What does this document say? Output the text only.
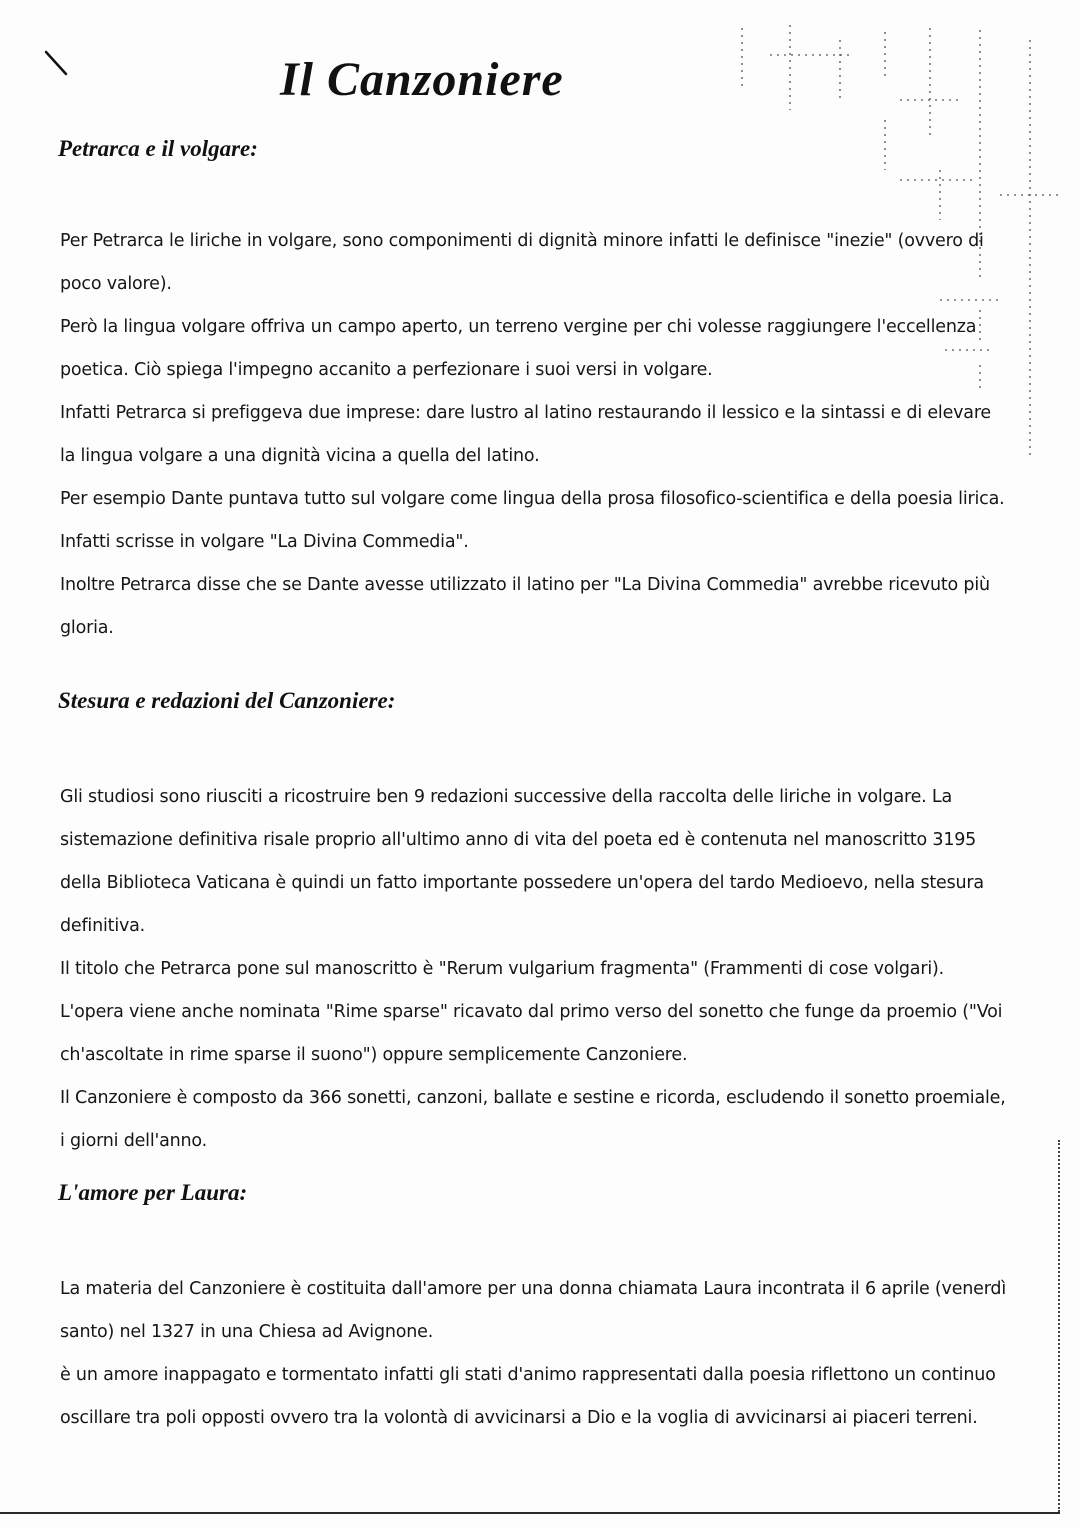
Il Canzoniere
Petrarca e il volgare:

Per Petrarca le liriche in volgare, sono componimenti di dignità minore infatti le definisce "inezie" (ovvero di poco valore).

Però la lingua volgare offriva un campo aperto, un terreno vergine per chi volesse raggiungere l'eccellenza poetica. Ciò spiega l'impegno accanito a perfezionare i suoi versi in volgare.

Infatti Petrarca si prefiggeva due imprese: dare lustro al latino restaurando il lessico e la sintassi e di elevare la lingua volgare a una dignità vicina a quella del latino.

Per esempio Dante puntava tutto sul volgare come lingua della prosa filosofico-scientifica e della poesia lirica. Infatti scrisse in volgare "La Divina Commedia".

Inoltre Petrarca disse che se Dante avesse utilizzato il latino per "La Divina Commedia" avrebbe ricevuto più gloria.

Stesura e redazioni del Canzoniere:

Gli studiosi sono riusciti a ricostruire ben 9 redazioni successive della raccolta delle liriche in volgare. La sistemazione definitiva risale proprio all'ultimo anno di vita del poeta ed è contenuta nel manoscritto 3195 della Biblioteca Vaticana è quindi un fatto importante possedere un'opera del tardo Medioevo, nella stesura definitiva.

Il titolo che Petrarca pone sul manoscritto è "Rerum vulgarium fragmenta" (Frammenti di cose volgari).

L'opera viene anche nominata "Rime sparse" ricavato dal primo verso del sonetto che funge da proemio ("Voi ch'ascoltate in rime sparse il suono") oppure semplicemente Canzoniere.

Il Canzoniere è composto da 366 sonetti, canzoni, ballate e sestine e ricorda, escludendo il sonetto proemiale, i giorni dell'anno.

L'amore per Laura:

La materia del Canzoniere è costituita dall'amore per una donna chiamata Laura incontrata il 6 aprile (venerdì santo) nel 1327 in una Chiesa ad Avignone.

è un amore inappagato e tormentato infatti gli stati d'animo rappresentati dalla poesia riflettono un continuo oscillare tra poli opposti ovvero tra la volontà di avvicinarsi a Dio e la voglia di avvicinarsi ai piaceri terreni.
